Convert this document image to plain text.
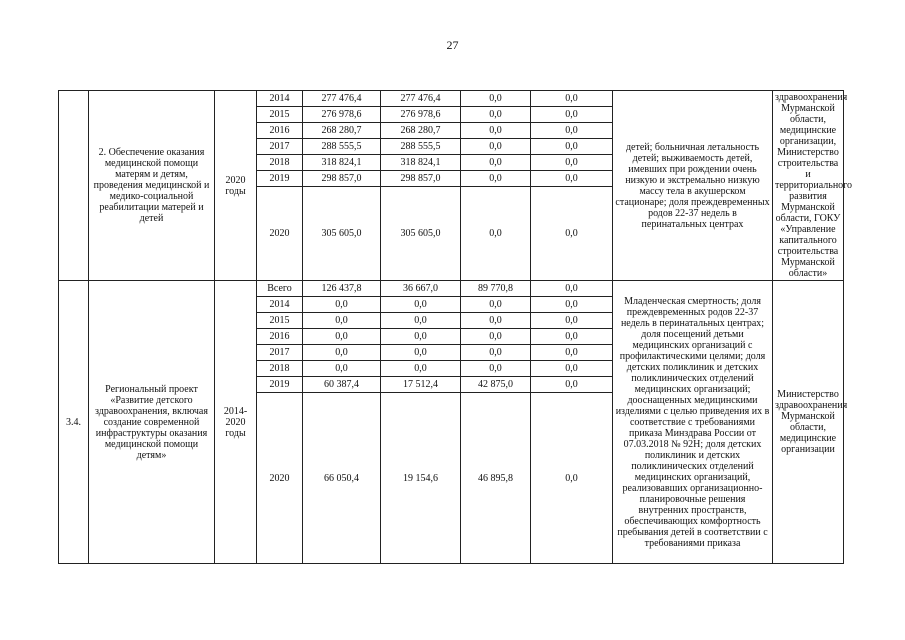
27
	2. Обеспечение оказания медицинской помощи матерям и детям, проведения медицинской и медико-социальной реабилитации матерей и детей	2020 годы	2014	277 476,4	277 476,4	0,0	0,0	детей; больничная летальность детей; выживаемость детей, имевших при рождении очень низкую и экстремально низкую массу тела в акушерском стационаре; доля преждевременных родов 22-37 недель в перинатальных центрах	здравоохранения Мурманской области, медицинские организации, Министерство строительства и территориального развития Мурманской области, ГОКУ «Управление капитального строительства Мурманской области»
			2015	276 978,6	276 978,6	0,0	0,0		
			2016	268 280,7	268 280,7	0,0	0,0		
			2017	288 555,5	288 555,5	0,0	0,0		
			2018	318 824,1	318 824,1	0,0	0,0		
			2019	298 857,0	298 857,0	0,0	0,0		
			2020	305 605,0	305 605,0	0,0	0,0		
3.4.	Региональный проект «Развитие детского здравоохранения, включая создание современной инфраструктуры оказания медицинской помощи детям»	2014-2020 годы	Всего	126 437,8	36 667,0	89 770,8	0,0	Младенческая смертность; доля преждевременных родов 22-37 недель в перинатальных центрах; доля посещений детьми медицинских организаций с профилактическими целями; доля детских поликлиник и детских поликлинических отделений медицинских организаций; дооснащенных медицинскими изделиями с целью приведения их в соответствие с требованиями приказа Минздрава России от 07.03.2018 № 92Н; доля детских поликлиник и детских поликлинических отделений медицинских организаций, реализовавших организационно-планировочные решения внутренних пространств, обеспечивающих комфортность пребывания детей в соответствии с требованиями приказа	Министерство здравоохранения Мурманской области, медицинские организации
			2014	0,0	0,0	0,0	0,0		
			2015	0,0	0,0	0,0	0,0		
			2016	0,0	0,0	0,0	0,0		
			2017	0,0	0,0	0,0	0,0		
			2018	0,0	0,0	0,0	0,0		
			2019	60 387,4	17 512,4	42 875,0	0,0		
			2020	66 050,4	19 154,6	46 895,8	0,0		
